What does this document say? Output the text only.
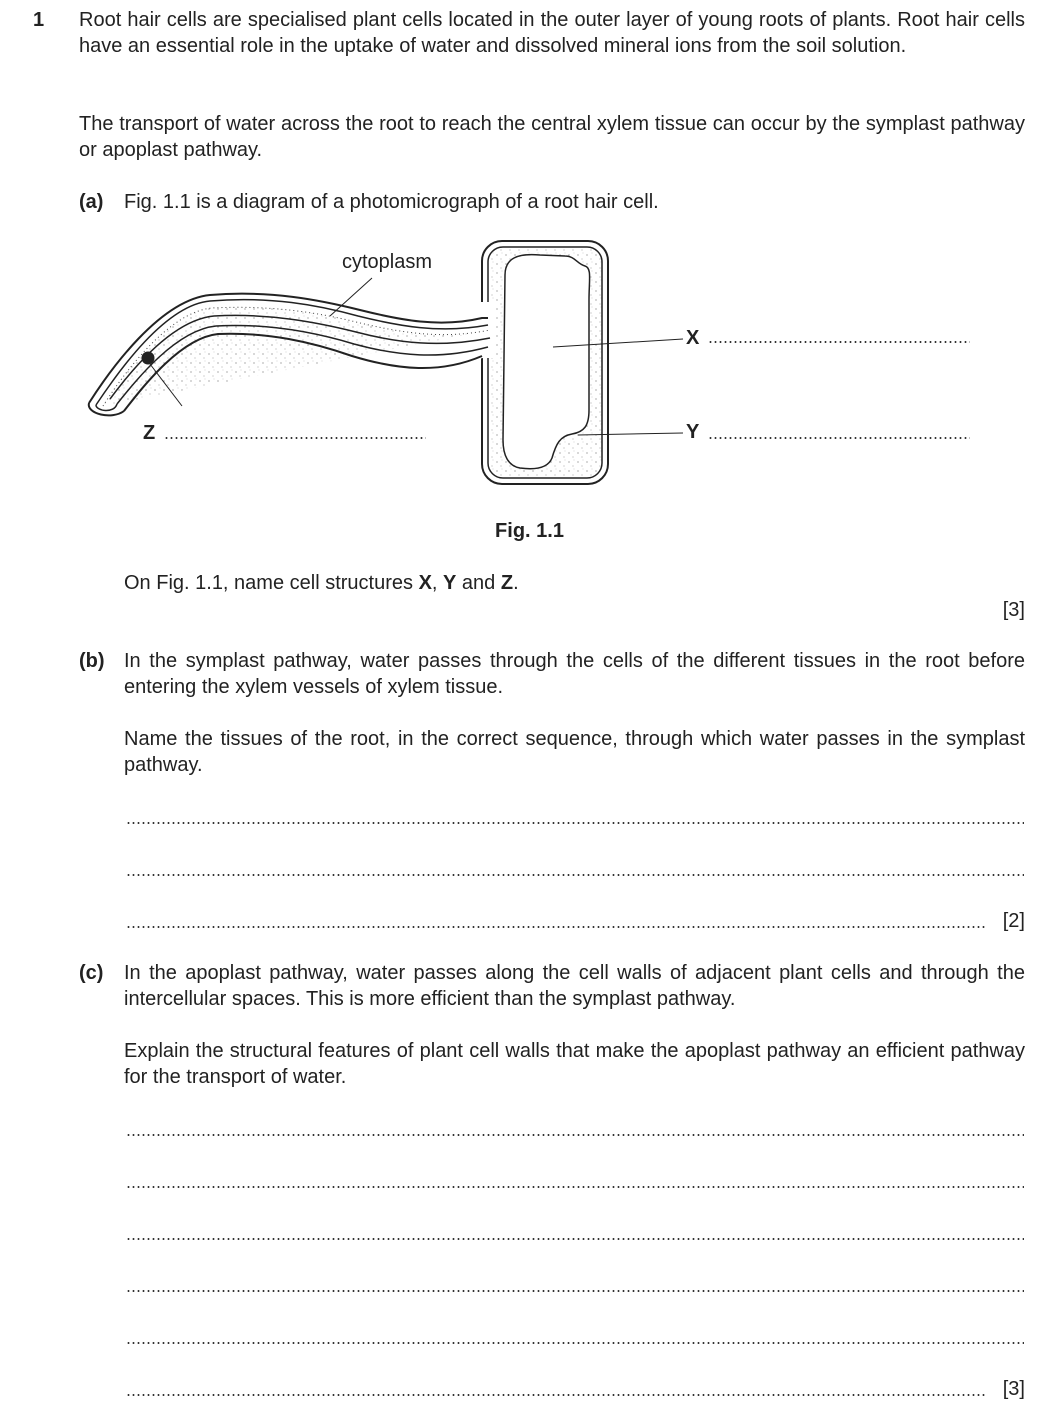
1 Root hair cells are specialised plant cells located in the outer layer of young roots of plants. Root hair cells have an essential role in the uptake of water and dissolved mineral ions from the soil solution.
The transport of water across the root to reach the central xylem tissue can occur by the symplast pathway or apoplast pathway.
(a) Fig. 1.1 is a diagram of a photomicrograph of a root hair cell.
cytoplasm
X
Y
Z
Fig. 1.1
On Fig. 1.1, name cell structures X, Y and Z.
[3]
(b) In the symplast pathway, water passes through the cells of the different tissues in the root before entering the xylem vessels of xylem tissue.
Name the tissues of the root, in the correct sequence, through which water passes in the symplast pathway.
[2]
(c) In the apoplast pathway, water passes along the cell walls of adjacent plant cells and through the intercellular spaces. This is more efficient than the symplast pathway.
Explain the structural features of plant cell walls that make the apoplast pathway an efficient pathway for the transport of water.
[3]
